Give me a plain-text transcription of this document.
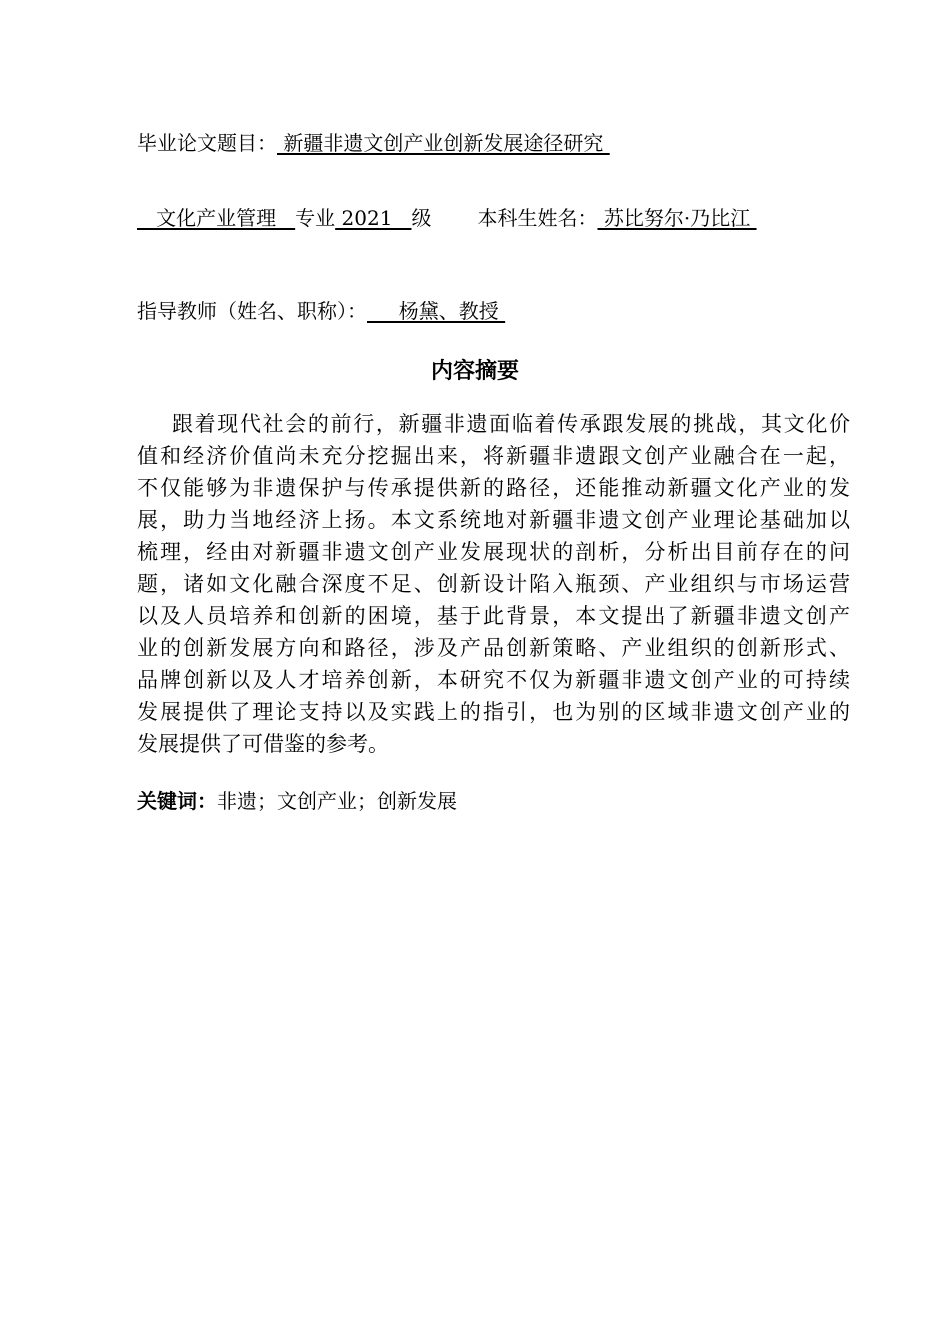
毕业论文题目： 新疆非遗文创产业创新发展途径研究
文化产业管理   专业 2021   级 本科生姓名： 苏比努尔·乃比江
指导教师（姓名、职称）：     杨黛、教授
内容摘要
跟着现代社会的前行，新疆非遗面临着传承跟发展的挑战，其文化价
值和经济价值尚未充分挖掘出来，将新疆非遗跟文创产业融合在一起，
不仅能够为非遗保护与传承提供新的路径，还能推动新疆文化产业的发
展，助力当地经济上扬。本文系统地对新疆非遗文创产业理论基础加以
梳理，经由对新疆非遗文创产业发展现状的剖析，分析出目前存在的问
题，诸如文化融合深度不足、创新设计陷入瓶颈、产业组织与市场运营
以及人员培养和创新的困境，基于此背景，本文提出了新疆非遗文创产
业的创新发展方向和路径，涉及产品创新策略、产业组织的创新形式、
品牌创新以及人才培养创新，本研究不仅为新疆非遗文创产业的可持续
发展提供了理论支持以及实践上的指引，也为别的区域非遗文创产业的
发展提供了可借鉴的参考。
关键词：非遗；文创产业；创新发展
